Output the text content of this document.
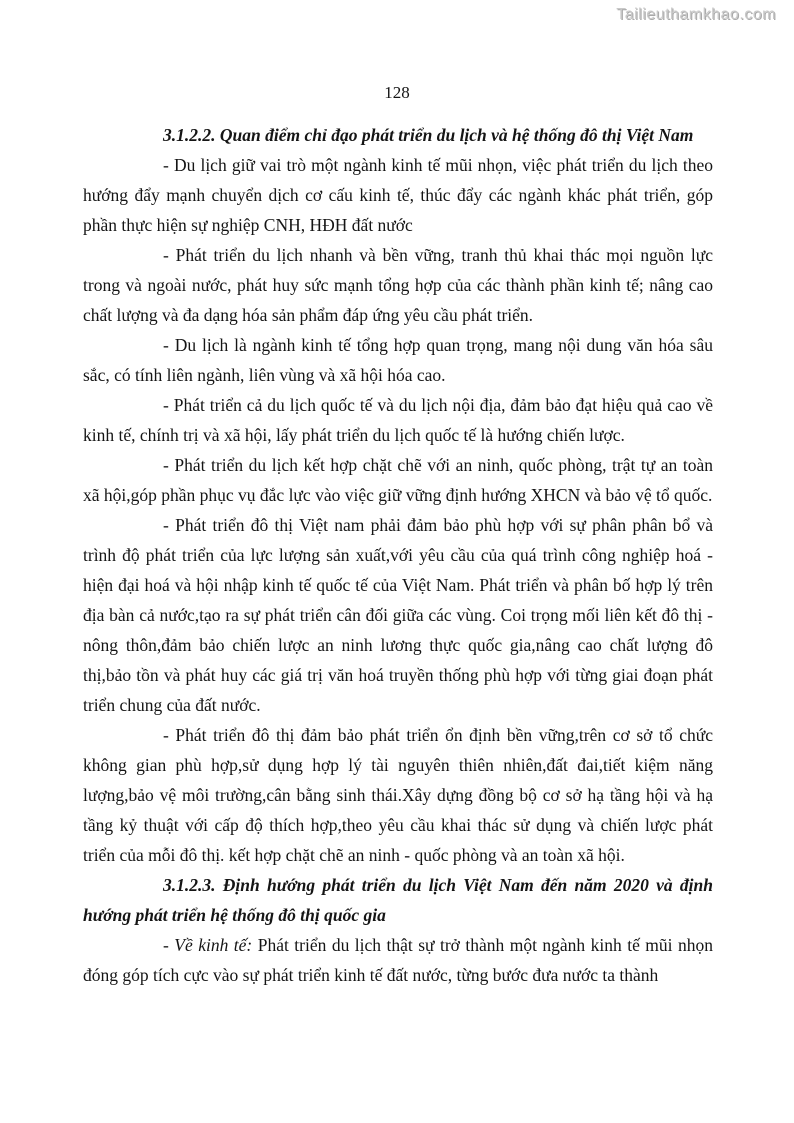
Tailieuthamkhao.com
128

3.1.2.2. Quan điểm chỉ đạo phát triển du lịch và hệ thống đô thị Việt Nam

- Du lịch giữ vai trò một ngành kinh tế mũi nhọn, việc phát triển du lịch theo hướng đẩy mạnh chuyển dịch cơ cấu kinh tế, thúc đẩy các ngành khác phát triển, góp phần thực hiện sự nghiệp CNH, HĐH đất nước

- Phát triển du lịch nhanh và bền vững, tranh thủ khai thác mọi nguồn lực trong và ngoài nước, phát huy sức mạnh tổng hợp của các thành phần kinh tế; nâng cao chất lượng và đa dạng hóa sản phẩm đáp ứng yêu cầu phát triển.

- Du lịch là ngành kinh tế tổng hợp quan trọng, mang nội dung văn hóa sâu sắc, có tính liên ngành, liên vùng và xã hội hóa cao.

- Phát triển cả du lịch quốc tế và du lịch nội địa, đảm bảo đạt hiệu quả cao về kinh tế, chính trị và xã hội, lấy phát triển du lịch quốc tế là hướng chiến lược.

- Phát triển du lịch kết hợp chặt chẽ với an ninh, quốc phòng, trật tự an toàn xã hội,góp phần phục vụ đắc lực vào việc giữ vững định hướng XHCN và bảo vệ tổ quốc.

- Phát triển đô thị Việt nam phải đảm bảo phù hợp với sự phân phân bổ và trình độ phát triển của lực lượng sản xuất,với yêu cầu của quá trình công nghiệp hoá - hiện đại hoá và hội nhập kinh tế quốc tế của Việt Nam. Phát triển và phân bố hợp lý trên địa bàn cả nước,tạo ra sự phát triển cân đối giữa các vùng. Coi trọng mối liên kết đô thị - nông thôn,đảm bảo chiến lược an ninh lương thực quốc gia,nâng cao chất lượng đô thị,bảo tồn và phát huy các giá trị văn hoá truyền thống phù hợp với từng giai đoạn phát triển chung của đất nước.

- Phát triển đô thị đảm bảo phát triển ổn định bền vững,trên cơ sở tổ chức không gian phù hợp,sử dụng hợp lý tài nguyên thiên nhiên,đất đai,tiết kiệm năng lượng,bảo vệ môi trường,cân bằng sinh thái.Xây dựng đồng bộ cơ sở hạ tầng hội và hạ tầng kỷ thuật với cấp độ thích hợp,theo yêu cầu khai thác sử dụng và chiến lược phát triển của mỗi đô thị. kết hợp chặt chẽ an ninh - quốc phòng và an toàn xã hội.

3.1.2.3. Định hướng phát triển du lịch Việt Nam đến năm 2020 và định hướng phát triển hệ thống đô thị quốc gia

- Về kinh tế: Phát triển du lịch thật sự trở thành một ngành kinh tế mũi nhọn đóng góp tích cực vào sự phát triển kinh tế đất nước, từng bước đưa nước ta thành
